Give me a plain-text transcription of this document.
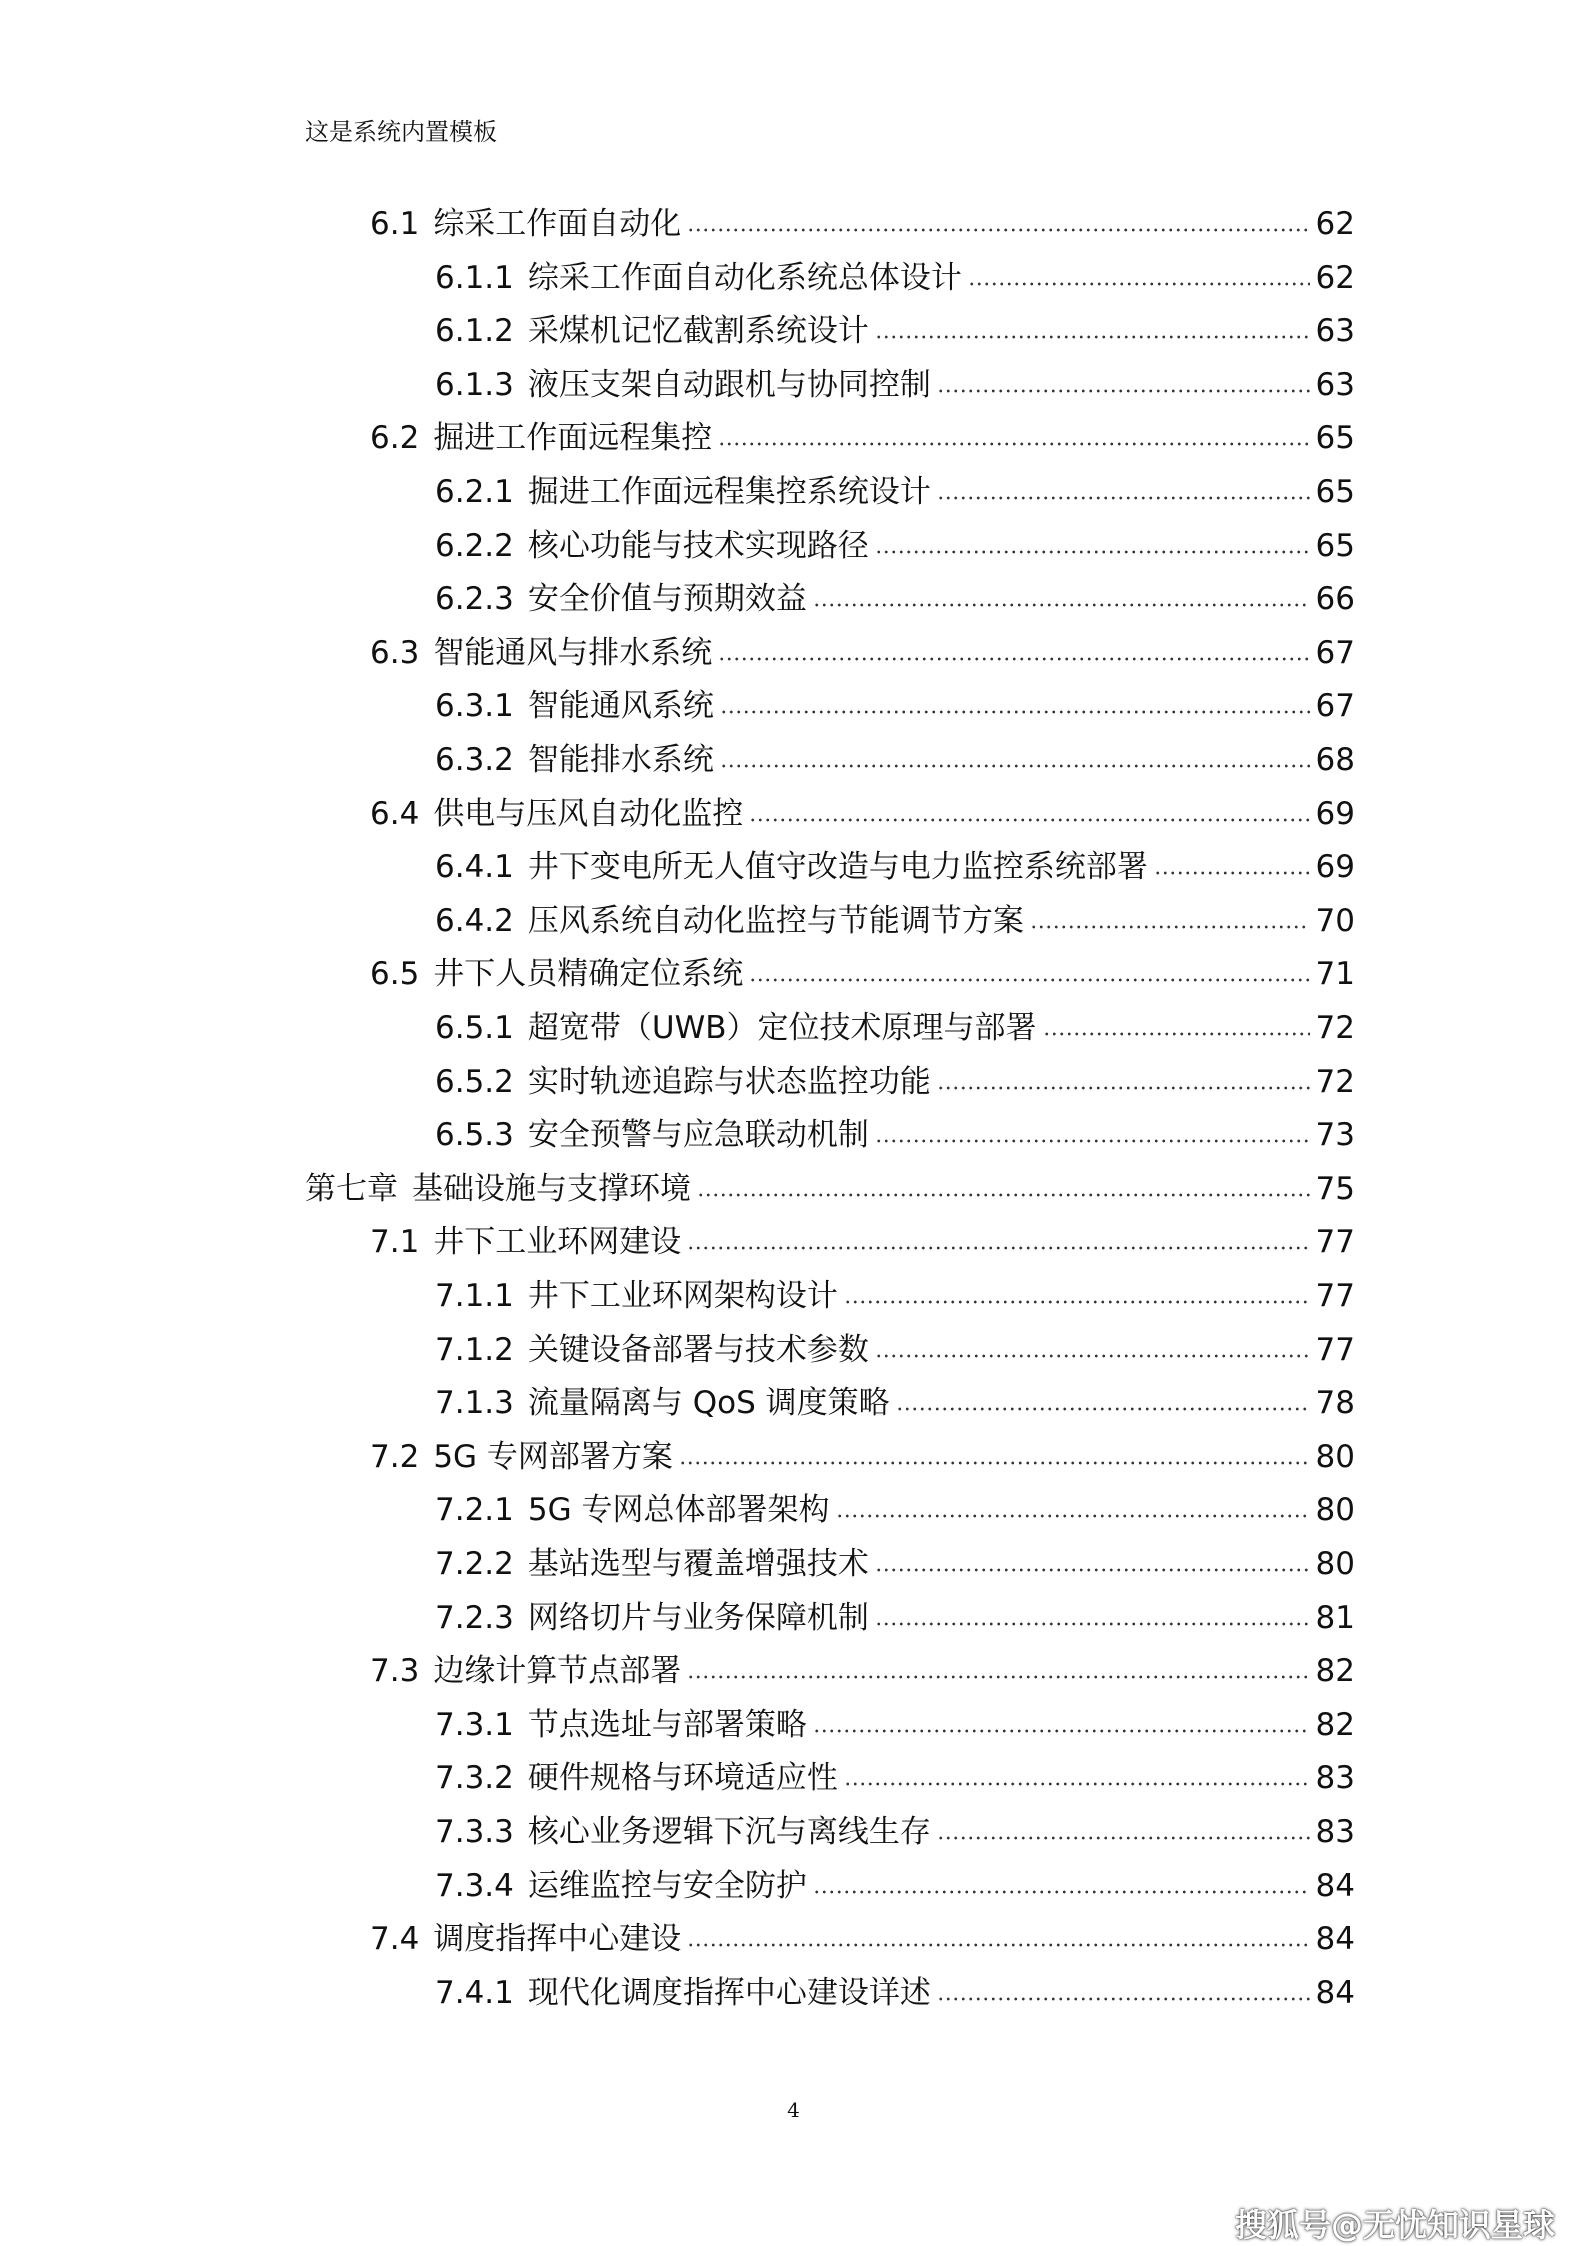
这是系统内置模板
6.1 综采工作面自动化	62
6.1.1 综采工作面自动化系统总体设计	62
6.1.2 采煤机记忆截割系统设计	63
6.1.3 液压支架自动跟机与协同控制	63
6.2 掘进工作面远程集控	65
6.2.1 掘进工作面远程集控系统设计	65
6.2.2 核心功能与技术实现路径	65
6.2.3 安全价值与预期效益	66
6.3 智能通风与排水系统	67
6.3.1 智能通风系统	67
6.3.2 智能排水系统	68
6.4 供电与压风自动化监控	69
6.4.1 井下变电所无人值守改造与电力监控系统部署	69
6.4.2 压风系统自动化监控与节能调节方案	70
6.5 井下人员精确定位系统	71
6.5.1 超宽带（UWB）定位技术原理与部署	72
6.5.2 实时轨迹追踪与状态监控功能	72
6.5.3 安全预警与应急联动机制	73
第七章 基础设施与支撑环境	75
7.1 井下工业环网建设	77
7.1.1 井下工业环网架构设计	77
7.1.2 关键设备部署与技术参数	77
7.1.3 流量隔离与 QoS 调度策略	78
7.2 5G 专网部署方案	80
7.2.1 5G 专网总体部署架构	80
7.2.2 基站选型与覆盖增强技术	80
7.2.3 网络切片与业务保障机制	81
7.3 边缘计算节点部署	82
7.3.1 节点选址与部署策略	82
7.3.2 硬件规格与环境适应性	83
7.3.3 核心业务逻辑下沉与离线生存	83
7.3.4 运维监控与安全防护	84
7.4 调度指挥中心建设	84
7.4.1 现代化调度指挥中心建设详述	84
4
搜狐号@无忧知识星球
